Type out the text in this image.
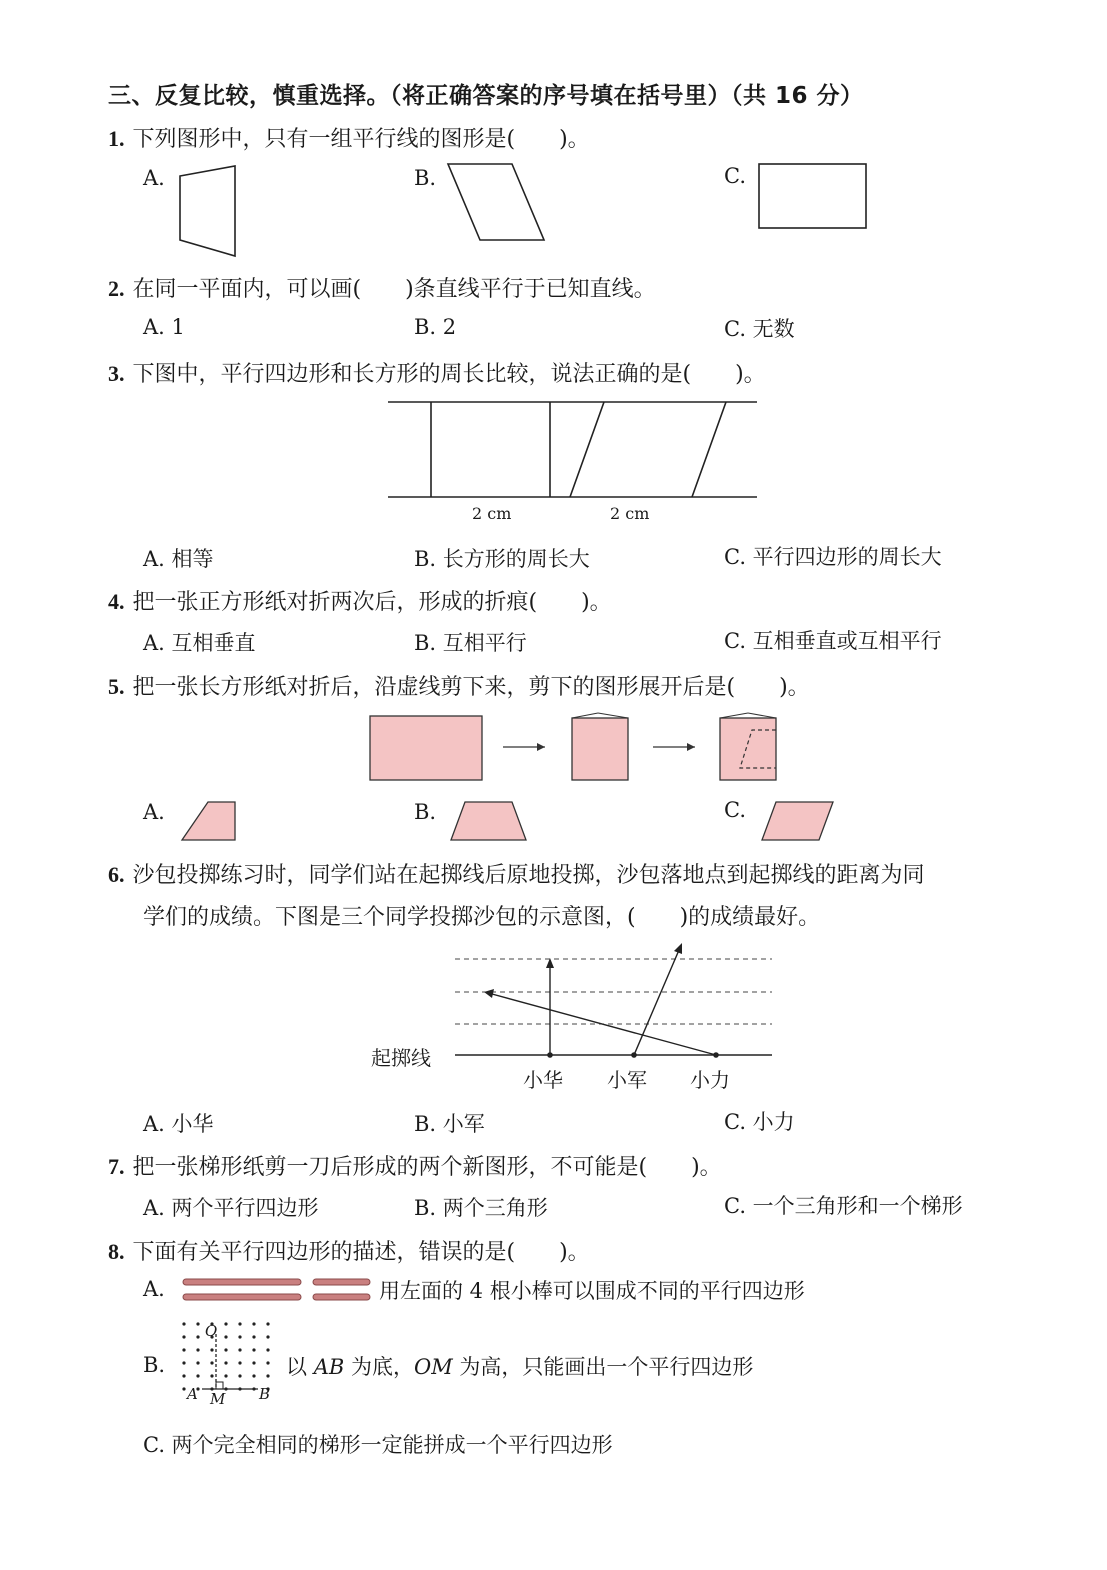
三、反复比较，慎重选择。（将正确答案的序号填在括号里）（共 16 分）
1. 下列图形中，只有一组平行线的图形是(　　)。
A.	B.	C.
2. 在同一平面内，可以画(　　)条直线平行于已知直线。
A. 1	B. 2	C. 无数
3. 下图中，平行四边形和长方形的周长比较，说法正确的是(　　)。
2 cm	2 cm
A. 相等	B. 长方形的周长大	C. 平行四边形的周长大
4. 把一张正方形纸对折两次后，形成的折痕(　　)。
A. 互相垂直	B. 互相平行	C. 互相垂直或互相平行
5. 把一张长方形纸对折后，沿虚线剪下来，剪下的图形展开后是(　　)。
A.	B.	C.
6. 沙包投掷练习时，同学们站在起掷线后原地投掷，沙包落地点到起掷线的距离为同
学们的成绩。下图是三个同学投掷沙包的示意图，(　　)的成绩最好。
起掷线
小华 小军 小力
A. 小华	B. 小军	C. 小力
7. 把一张梯形纸剪一刀后形成的两个新图形，不可能是(　　)。
A. 两个平行四边形	B. 两个三角形	C. 一个三角形和一个梯形
8. 下面有关平行四边形的描述，错误的是(　　)。
A.	用左面的 4 根小棒可以围成不同的平行四边形
B.	以 AB 为底，OM 为高，只能画出一个平行四边形
O
A M B
C. 两个完全相同的梯形一定能拼成一个平行四边形
